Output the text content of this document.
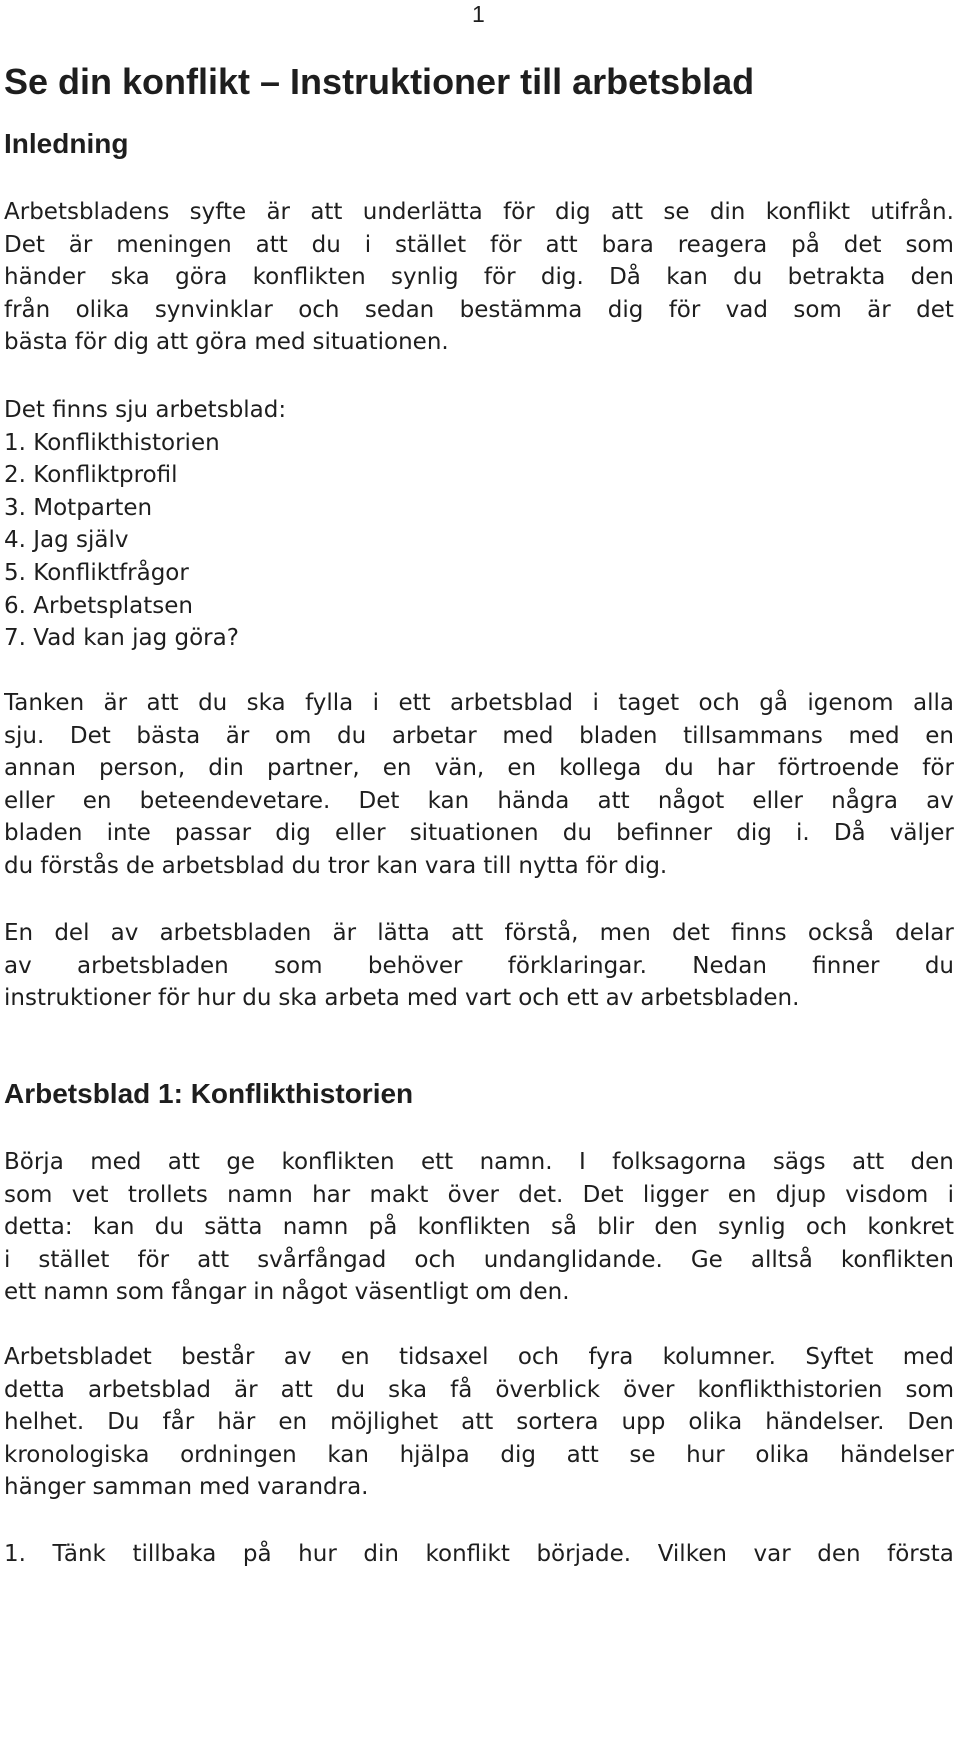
1
Se din konflikt – Instruktioner till arbetsblad
Inledning
Arbetsbladens syfte är att underlätta för dig att se din konflikt utifrån.
Det är meningen att du i stället för att bara reagera på det som
händer ska göra konflikten synlig för dig. Då kan du betrakta den
från olika synvinklar och sedan bestämma dig för vad som är det
bästa för dig att göra med situationen.
Det finns sju arbetsblad:
1. Konflikthistorien
2. Konfliktprofil
3. Motparten
4. Jag själv
5. Konfliktfrågor
6. Arbetsplatsen
7. Vad kan jag göra?
Tanken är att du ska fylla i ett arbetsblad i taget och gå igenom alla
sju. Det bästa är om du arbetar med bladen tillsammans med en
annan person, din partner, en vän, en kollega du har förtroende för
eller en beteendevetare. Det kan hända att något eller några av
bladen inte passar dig eller situationen du befinner dig i. Då väljer
du förstås de arbetsblad du tror kan vara till nytta för dig.
En del av arbetsbladen är lätta att förstå, men det finns också delar
av arbetsbladen som behöver förklaringar. Nedan finner du
instruktioner för hur du ska arbeta med vart och ett av arbetsbladen.
Arbetsblad 1: Konflikthistorien
Börja med att ge konflikten ett namn. I folksagorna sägs att den
som vet trollets namn har makt över det. Det ligger en djup visdom i
detta: kan du sätta namn på konflikten så blir den synlig och konkret
i stället för att svårfångad och undanglidande. Ge alltså konflikten
ett namn som fångar in något väsentligt om den.
Arbetsbladet består av en tidsaxel och fyra kolumner. Syftet med
detta arbetsblad är att du ska få överblick över konflikthistorien som
helhet. Du får här en möjlighet att sortera upp olika händelser. Den
kronologiska ordningen kan hjälpa dig att se hur olika händelser
hänger samman med varandra.
1. Tänk tillbaka på hur din konflikt började. Vilken var den första
